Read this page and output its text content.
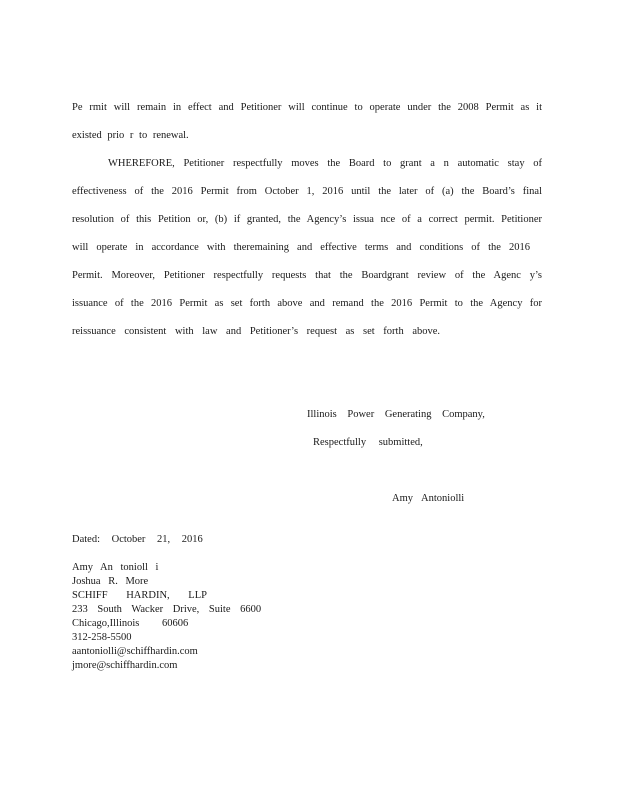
Pe rmit will remain in effect and Petitioner will continue to operate under the 2008 Permit as it
existed prio r to renewal.
WHEREFORE, Petitioner respectfully moves the Board to grant a n automatic stay of
effectiveness of the 2016 Permit from October 1, 2016 until the later of (a) the Board’s final
resolution of this Petition or, (b) if granted, the Agency’s issua nce of a correct permit. Petitioner
will operate in accordance with theremaining and effective terms and conditions of the 2016
Permit. Moreover, Petitioner respectfully requests that the Boardgrant review of the Agenc y’s
issuance of the 2016 Permit as set forth above and remand the 2016 Permit to the Agency for
reissuance consistent with law and Petitioner’s request as set forth above.
Illinois Power Generating Company,
Respectfully submitted,
Amy Antoniolli
Dated: October 21, 2016
Amy An tonioll i
Joshua R. More
SCHIFF HARDIN, LLP
233 South Wacker Drive, Suite 6600
Chicago,Illinois 60606
312-258-5500
aantoniolli@schiffhardin.com
jmore@schiffhardin.com
